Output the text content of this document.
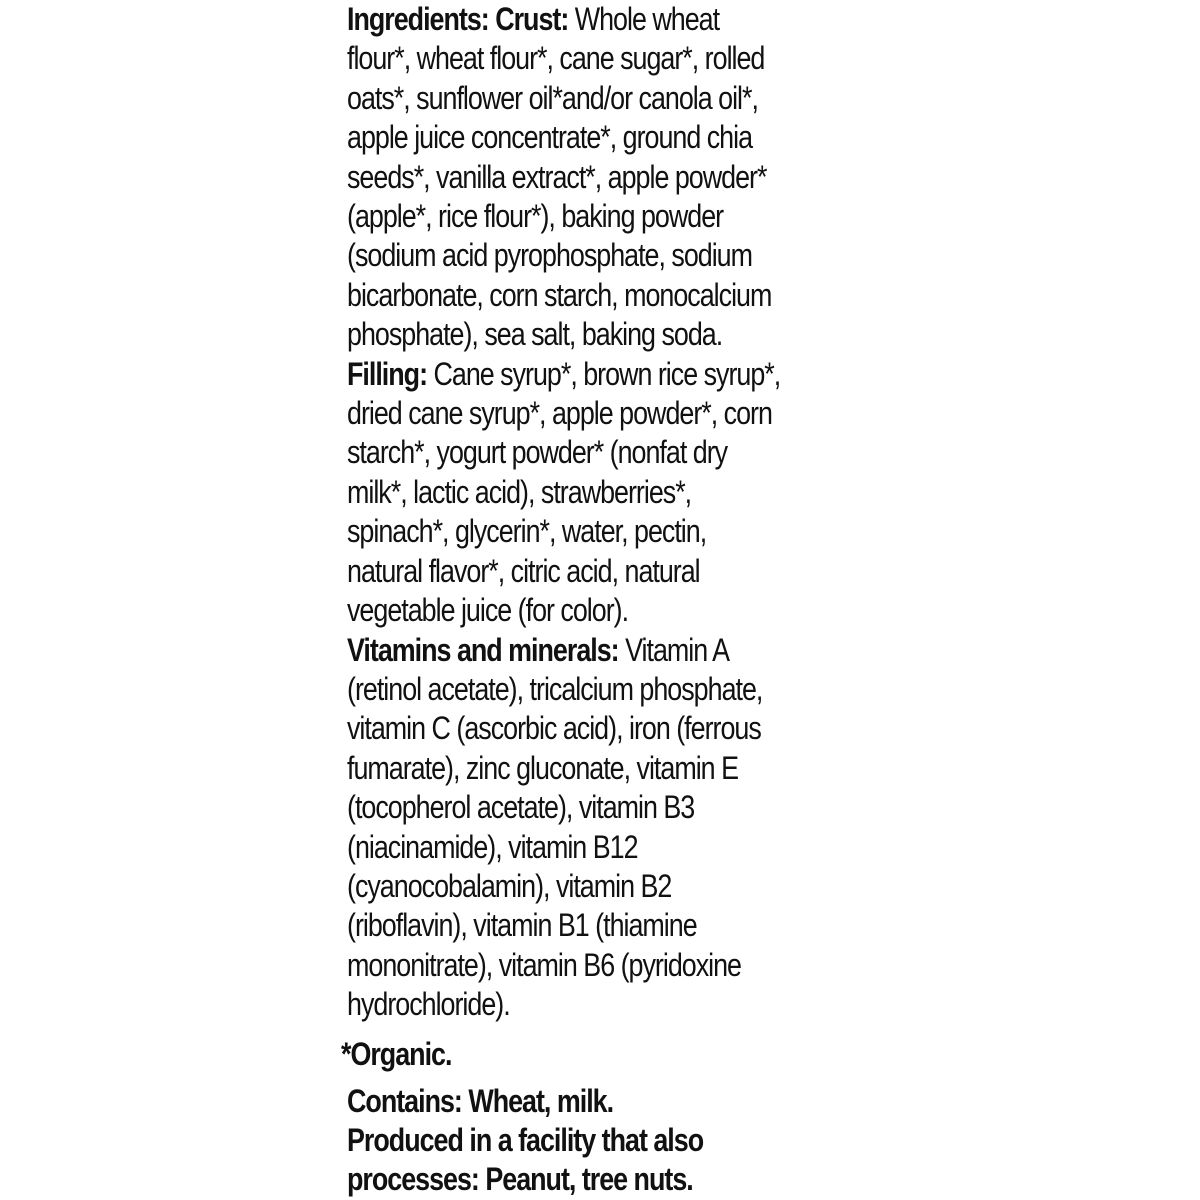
Ingredients: Crust: Whole wheat
flour*, wheat flour*, cane sugar*, rolled
oats*, sunflower oil*and/or canola oil*,
apple juice concentrate*, ground chia
seeds*, vanilla extract*, apple powder*
(apple*, rice flour*), baking powder
(sodium acid pyrophosphate, sodium
bicarbonate, corn starch, monocalcium
phosphate), sea salt, baking soda.
Filling: Cane syrup*, brown rice syrup*,
dried cane syrup*, apple powder*, corn
starch*, yogurt powder* (nonfat dry
milk*, lactic acid), strawberries*,
spinach*, glycerin*, water, pectin,
natural flavor*, citric acid, natural
vegetable juice (for color).
Vitamins and minerals: Vitamin A
(retinol acetate), tricalcium phosphate,
vitamin C (ascorbic acid), iron (ferrous
fumarate), zinc gluconate, vitamin E
(tocopherol acetate), vitamin B3
(niacinamide), vitamin B12
(cyanocobalamin), vitamin B2
(riboflavin), vitamin B1 (thiamine
mononitrate), vitamin B6 (pyridoxine
hydrochloride).

*Organic.

Contains: Wheat, milk.
Produced in a facility that also
processes: Peanut, tree nuts.
